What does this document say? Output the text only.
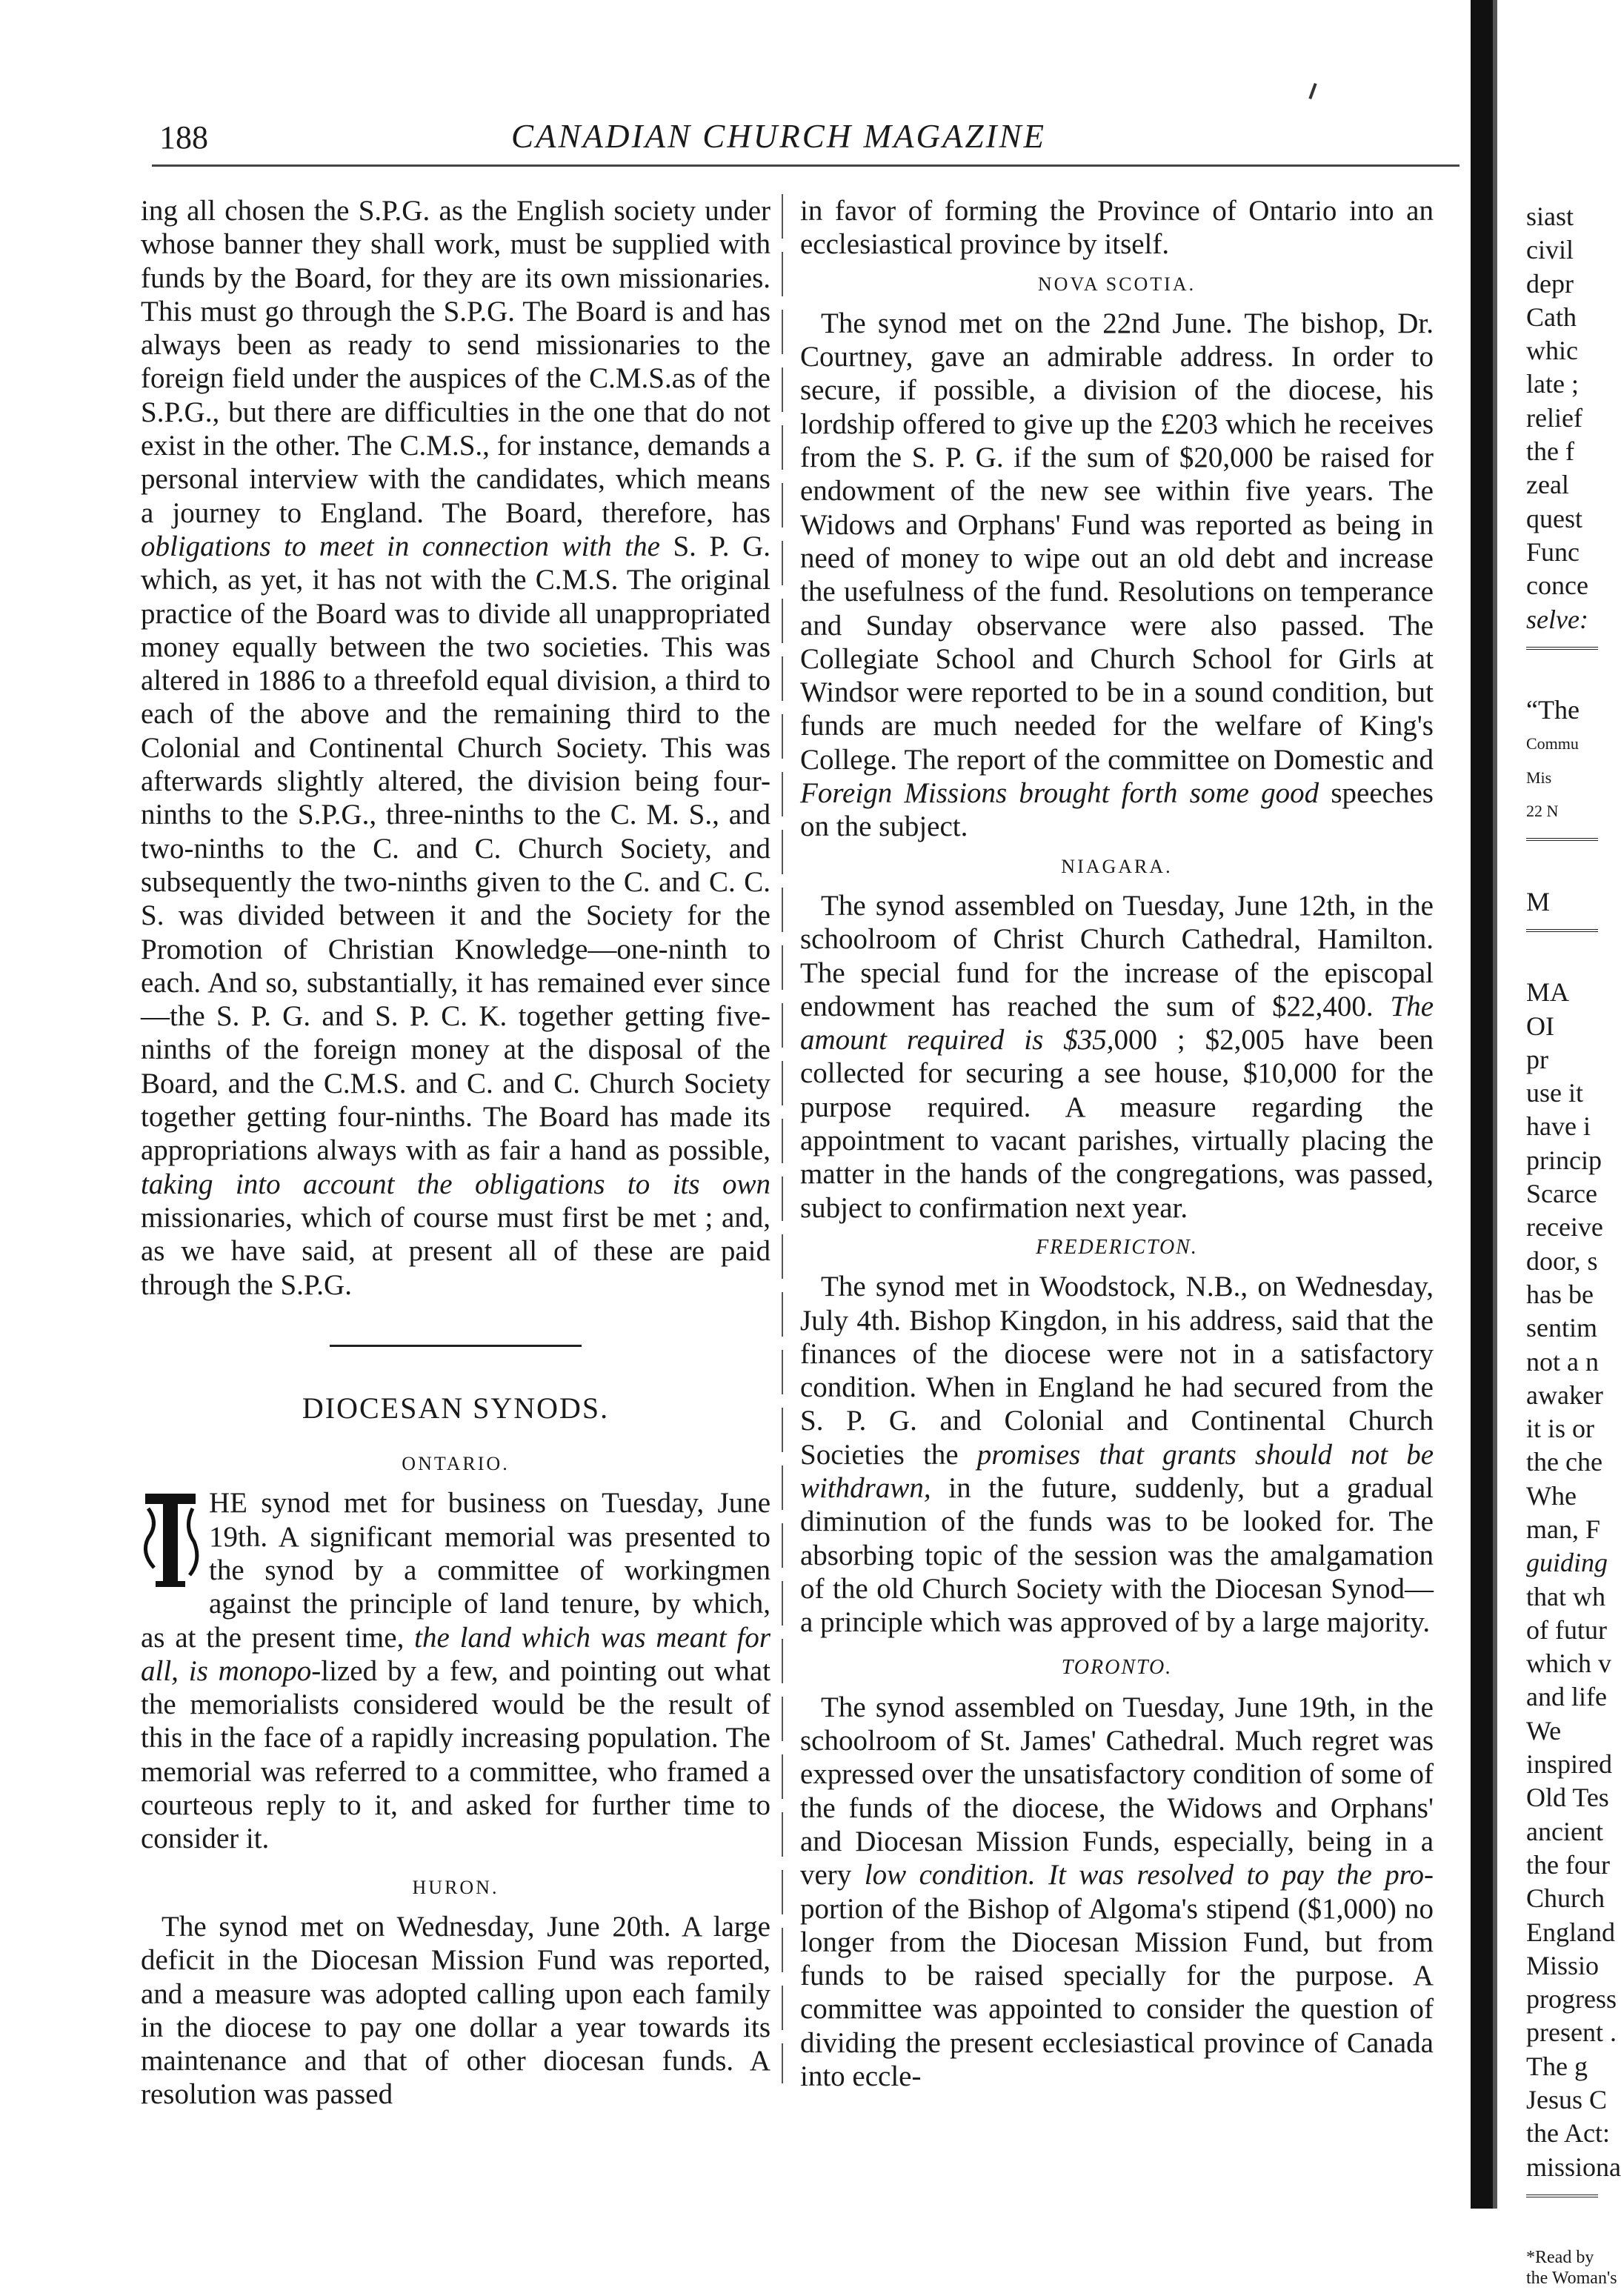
188	CANADIAN CHURCH MAGAZINE

ing all chosen the S.P.G. as the English society under whose banner they shall work, must be supplied with funds by the Board, for they are its own missionaries. This must go through the S.P.G. The Board is and has always been as ready to send missionaries to the foreign field under the auspices of the C.M.S.as of the S.P.G., but there are difficulties in the one that do not exist in the other. The C.M.S., for instance, demands a personal interview with the candidates, which means a journey to England. The Board, therefore, has obligations to meet in connection with the S. P. G. which, as yet, it has not with the C.M.S. The original practice of the Board was to divide all unappropriated money equally between the two societies. This was altered in 1886 to a threefold equal division, a third to each of the above and the remaining third to the Colonial and Continental Church Society. This was afterwards slightly altered, the division being four-ninths to the S.P.G., three-ninths to the C. M. S., and two-ninths to the C. and C. Church Society, and subsequently the two-ninths given to the C. and C. C. S. was divided between it and the Society for the Promotion of Christian Knowledge—one-ninth to each. And so, substantially, it has remained ever since—the S. P. G. and S. P. C. K. together getting five-ninths of the foreign money at the disposal of the Board, and the C.M.S. and C. and C. Church Society together getting four-ninths. The Board has made its appropriations always with as fair a hand as possible, taking into account the obligations to its own missionaries, which of course must first be met ; and, as we have said, at present all of these are paid through the S.P.G.

DIOCESAN SYNODS.
ONTARIO.

HE synod met for business on Tuesday, June 19th. A significant memorial was presented to the synod by a committee of workingmen against the principle of land tenure, by which, as at the present time, the land which was meant for all, is monopo-lized by a few, and pointing out what the memorialists considered would be the result of this in the face of a rapidly increasing population. The memorial was referred to a committee, who framed a courteous reply to it, and asked for further time to consider it.

HURON.

The synod met on Wednesday, June 20th. A large deficit in the Diocesan Mission Fund was reported, and a measure was adopted calling upon each family in the diocese to pay one dollar a year towards its maintenance and that of other diocesan funds. A resolution was passed

in favor of forming the Province of Ontario into an ecclesiastical province by itself.

NOVA SCOTIA.

The synod met on the 22nd June. The bishop, Dr. Courtney, gave an admirable address. In order to secure, if possible, a division of the diocese, his lordship offered to give up the £203 which he receives from the S. P. G. if the sum of $20,000 be raised for endowment of the new see within five years. The Widows and Orphans' Fund was reported as being in need of money to wipe out an old debt and increase the usefulness of the fund. Resolutions on temperance and Sunday observance were also passed. The Collegiate School and Church School for Girls at Windsor were reported to be in a sound condition, but funds are much needed for the welfare of King's College. The report of the committee on Domestic and Foreign Missions brought forth some good speeches on the subject.

NIAGARA.

The synod assembled on Tuesday, June 12th, in the schoolroom of Christ Church Cathedral, Hamilton. The special fund for the increase of the episcopal endowment has reached the sum of $22,400. The amount required is $35,000 ; $2,005 have been collected for securing a see house, $10,000 for the purpose required. A measure regarding the appointment to vacant parishes, virtually placing the matter in the hands of the congregations, was passed, subject to confirmation next year.

FREDERICTON.

The synod met in Woodstock, N.B., on Wednesday, July 4th. Bishop Kingdon, in his address, said that the finances of the diocese were not in a satisfactory condition. When in England he had secured from the S. P. G. and Colonial and Continental Church Societies the promises that grants should not be withdrawn, in the future, suddenly, but a gradual diminution of the funds was to be looked for. The absorbing topic of the session was the amalgamation of the old Church Society with the Diocesan Synod—a principle which was approved of by a large majority.

TORONTO.

The synod assembled on Tuesday, June 19th, in the schoolroom of St. James' Cathedral. Much regret was expressed over the unsatisfactory condition of some of the funds of the diocese, the Widows and Orphans' and Diocesan Mission Funds, especially, being in a very low condition. It was resolved to pay the pro- portion of the Bishop of Algoma's stipend ($1,000) no longer from the Diocesan Mission Fund, but from funds to be raised specially for the purpose. A committee was appointed to consider the question of dividing the present ecclesiastical province of Canada into eccle-

siast
civil
depr
Cath
whic
late ;
relief
the f
zeal
quest
Func
conce
selve:
“The
Commu
Mis
22 N
M
MA
OI
pr
use it
have i
princip
Scarce
receive
door, s
has be
sentim
not a n
awaker
it is or
the che
Whe
man, F
guiding
that wh
of futur
which v
and life
We
inspired
Old Tes
ancient
the four
Church
England
Missio
progress
present .
The g
Jesus C
the Act:
missiona
*Read by
the Woman's
